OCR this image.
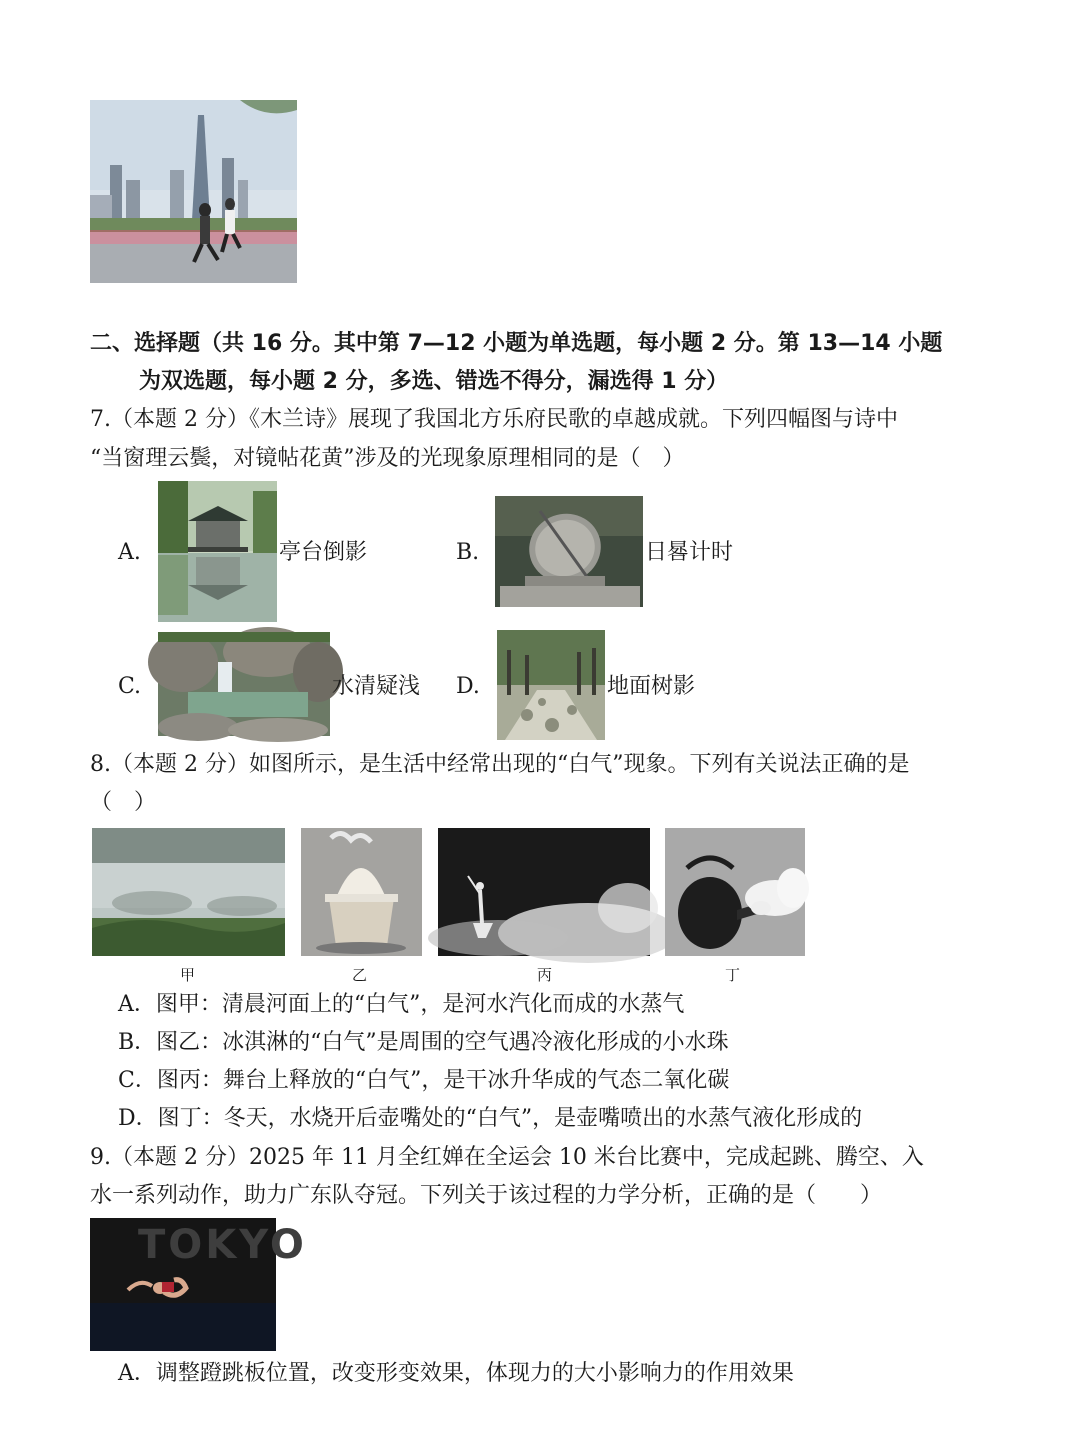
二、选择题（共 16 分。其中第 7—12 小题为单选题，每小题 2 分。第 13—14 小题
为双选题，每小题 2 分，多选、错选不得分，漏选得 1 分）
7.（本题 2 分）《木兰诗》展现了我国北方乐府民歌的卓越成就。下列四幅图与诗中
“当窗理云鬓，对镜帖花黄”涉及的光现象原理相同的是（　）
A.	亭台倒影	B.	日晷计时
C.	水清疑浅 D.	地面树影
8.（本题 2 分）如图所示，是生活中经常出现的“白气”现象。下列有关说法正确的是
（　）
甲	乙	丙	丁
A．图甲：清晨河面上的“白气”，是河水汽化而成的水蒸气
B．图乙：冰淇淋的“白气”是周围的空气遇冷液化形成的小水珠
C．图丙：舞台上释放的“白气”，是干冰升华成的气态二氧化碳
D．图丁：冬天，水烧开后壶嘴处的“白气”，是壶嘴喷出的水蒸气液化形成的
9.（本题 2 分）2025 年 11 月全红婵在全运会 10 米台比赛中，完成起跳、腾空、入
水一系列动作，助力广东队夺冠。下列关于该过程的力学分析，正确的是（　　）
TOKYO
A．调整蹬跳板位置，改变形变效果，体现力的大小影响力的作用效果
